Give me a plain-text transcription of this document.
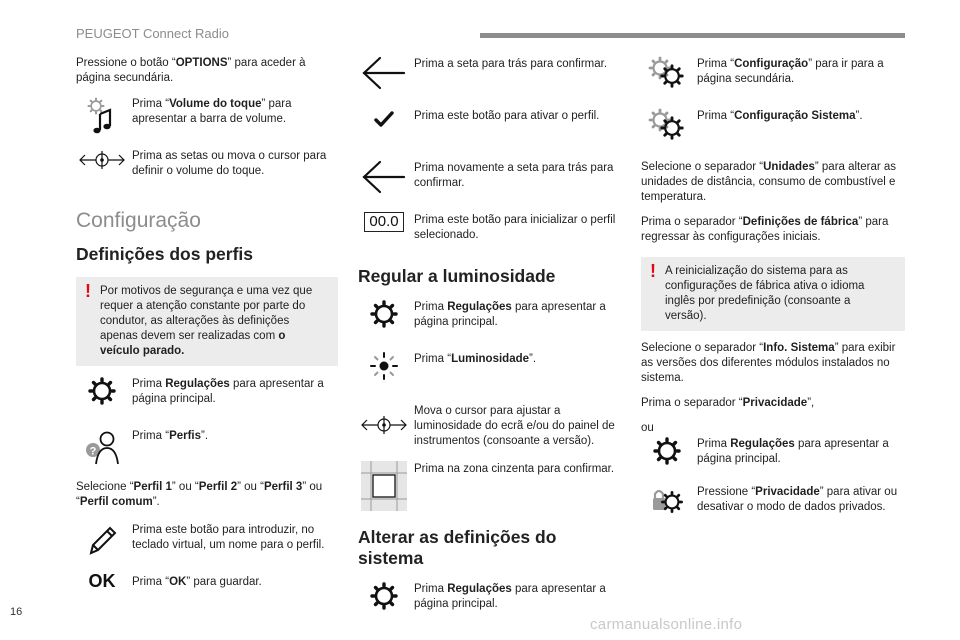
PEUGEOT Connect Radio

Pressione o botão “OPTIONS” para aceder à página secundária.

Prima “Volume do toque” para apresentar a barra de volume.
Prima as setas ou mova o cursor para definir o volume do toque.
Configuração
Definições dos perfis
! Por motivos de segurança e uma vez que requer a atenção constante por parte do condutor, as alterações às definições apenas devem ser realizadas com o veículo parado.
Prima Regulações para apresentar a página principal.
?
Prima “Perfis”.

Selecione “Perfil 1” ou “Perfil 2” ou “Perfil 3” ou “Perfil comum”.

Prima este botão para introduzir, no teclado virtual, um nome para o perfil.
OK	Prima “OK” para guardar.
Prima a seta para trás para confirmar.
Prima este botão para ativar o perfil.
Prima novamente a seta para trás para confirmar.
00.0	Prima este botão para inicializar o perfil selecionado.
Regular a luminosidade
Prima Regulações para apresentar a página principal.
Prima “Luminosidade”.
Mova o cursor para ajustar a luminosidade do ecrã e/ou do painel de instrumentos (consoante a versão).
Prima na zona cinzenta para confirmar.
Alterar as definições do sistema
Prima Regulações para apresentar a página principal.
Prima “Configuração” para ir para a página secundária.
Prima “Configuração Sistema”.

Selecione o separador “Unidades” para alterar as unidades de distância, consumo de combustível e temperatura.

Prima o separador “Definições de fábrica” para regressar às configurações iniciais.

! A reinicialização do sistema para as configurações de fábrica ativa o idioma inglês por predefinição (consoante a versão).

Selecione o separador “Info. Sistema” para exibir as versões dos diferentes módulos instalados no sistema.

Prima o separador “Privacidade”,

ou

Prima Regulações para apresentar a página principal.
Pressione “Privacidade” para ativar ou desativar o modo de dados privados.
16
carmanualsonline.info
